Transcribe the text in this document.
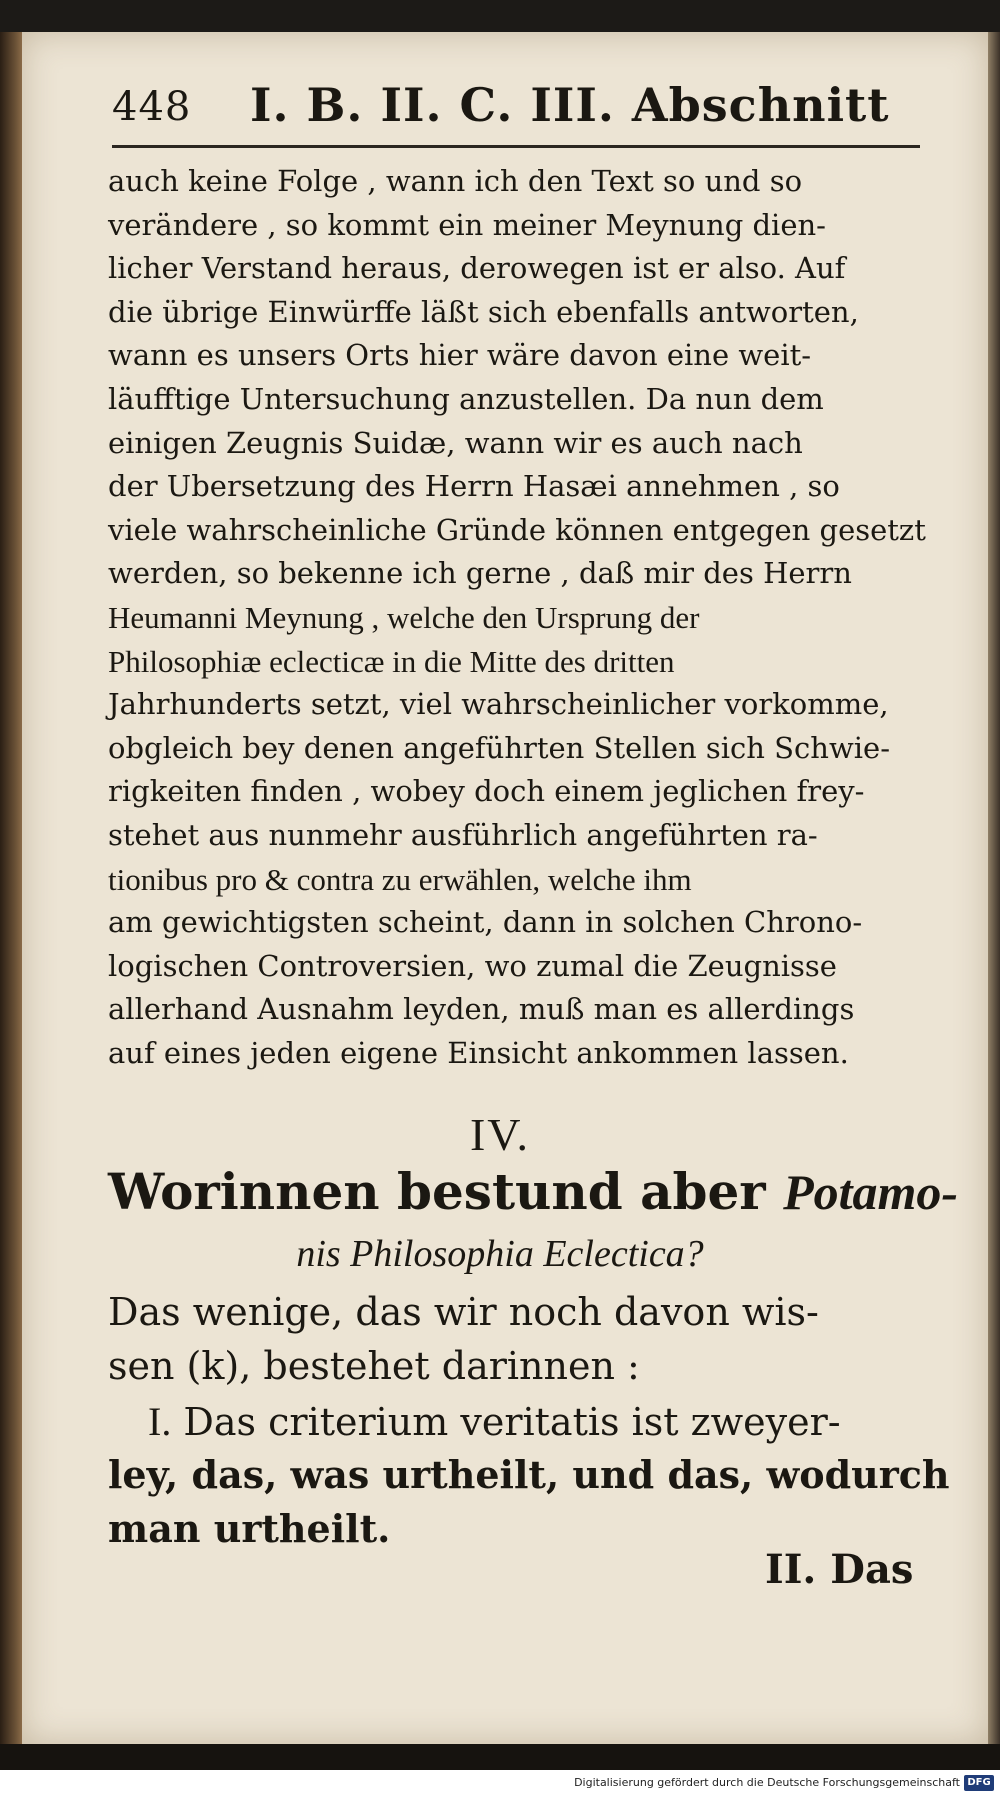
448 I. B. II. C. III. Abschnitt
auch keine Folge , wann ich den Text so und so
verändere , so kommt ein meiner Meynung dien-
licher Verstand heraus, derowegen ist er also. Auf
die übrige Einwürffe läßt sich ebenfalls antworten,
wann es unsers Orts hier wäre davon eine weit-
läufftige Untersuchung anzustellen. Da nun dem
einigen Zeugnis Suidæ, wann wir es auch nach
der Ubersetzung des Herrn Hasæi annehmen , so
viele wahrscheinliche Gründe können entgegen gesetzt
werden, so bekenne ich gerne , daß mir des Herrn
Heumanni Meynung , welche den Ursprung der
Philosophiæ eclecticæ in die Mitte des dritten
Jahrhunderts setzt, viel wahrscheinlicher vorkomme,
obgleich bey denen angeführten Stellen sich Schwie-
rigkeiten finden , wobey doch einem jeglichen frey-
stehet aus nunmehr ausführlich angeführten ra-
tionibus pro & contra zu erwählen, welche ihm
am gewichtigsten scheint, dann in solchen Chrono-
logischen Controversien, wo zumal die Zeugnisse
allerhand Ausnahm leyden, muß man es allerdings
auf eines jeden eigene Einsicht ankommen lassen.
IV.
Worinnen bestund aber Potamo-
nis Philosophia Eclectica?
Das wenige, das wir noch davon wis-
sen (k), bestehet darinnen :
I. Das criterium veritatis ist zweyer-
ley, das, was urtheilt, und das, wodurch
man urtheilt.
II. Das
Digitalisierung gefördert durch die Deutsche Forschungsgemeinschaft DFG
